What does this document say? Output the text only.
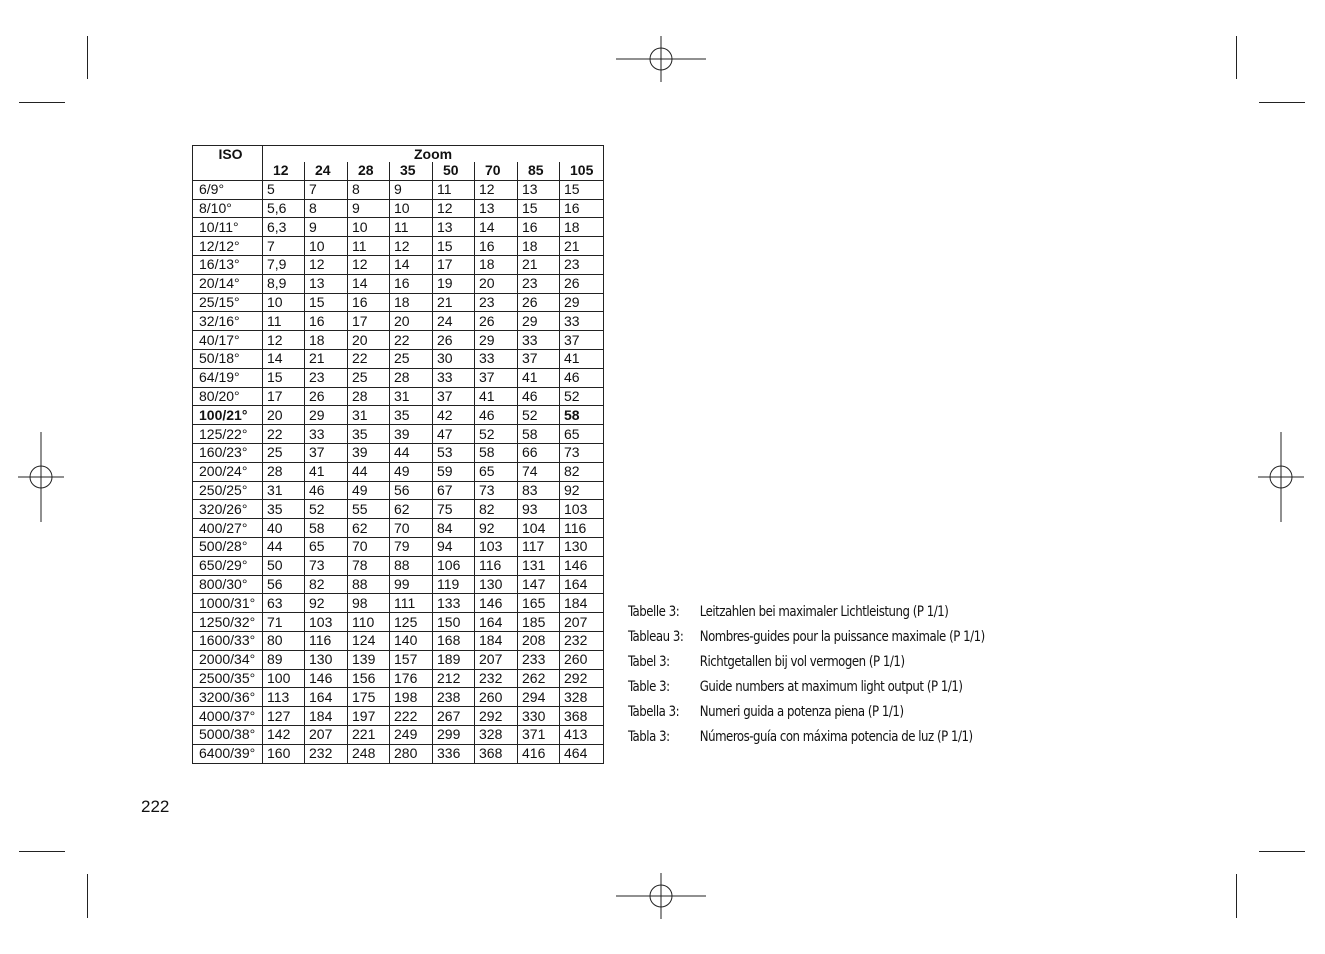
ISO	Zoom							
	12	24	28	35	50	70	85	105
6/9°	5	7	8	9	11	12	13	15
8/10°	5,6	8	9	10	12	13	15	16
10/11°	6,3	9	10	11	13	14	16	18
12/12°	7	10	11	12	15	16	18	21
16/13°	7,9	12	12	14	17	18	21	23
20/14°	8,9	13	14	16	19	20	23	26
25/15°	10	15	16	18	21	23	26	29
32/16°	11	16	17	20	24	26	29	33
40/17°	12	18	20	22	26	29	33	37
50/18°	14	21	22	25	30	33	37	41
64/19°	15	23	25	28	33	37	41	46
80/20°	17	26	28	31	37	41	46	52
100/21°	20	29	31	35	42	46	52	58
125/22°	22	33	35	39	47	52	58	65
160/23°	25	37	39	44	53	58	66	73
200/24°	28	41	44	49	59	65	74	82
250/25°	31	46	49	56	67	73	83	92
320/26°	35	52	55	62	75	82	93	103
400/27°	40	58	62	70	84	92	104	116
500/28°	44	65	70	79	94	103	117	130
650/29°	50	73	78	88	106	116	131	146
800/30°	56	82	88	99	119	130	147	164
1000/31°	63	92	98	111	133	146	165	184
1250/32°	71	103	110	125	150	164	185	207
1600/33°	80	116	124	140	168	184	208	232
2000/34°	89	130	139	157	189	207	233	260
2500/35°	100	146	156	176	212	232	262	292
3200/36°	113	164	175	198	238	260	294	328
4000/37°	127	184	197	222	267	292	330	368
5000/38°	142	207	221	249	299	328	371	413
6400/39°	160	232	248	280	336	368	416	464
Tabelle 3:	Leitzahlen bei maximaler Lichtleistung (P 1/1)
Tableau 3:	Nombres-guides pour la puissance maximale (P 1/1)
Tabel 3:	Richtgetallen bij vol vermogen (P 1/1)
Table 3:	Guide numbers at maximum light output (P 1/1)
Tabella 3:	Numeri guida a potenza piena (P 1/1)
Tabla 3:	Números-guía con máxima potencia de luz (P 1/1)
222
